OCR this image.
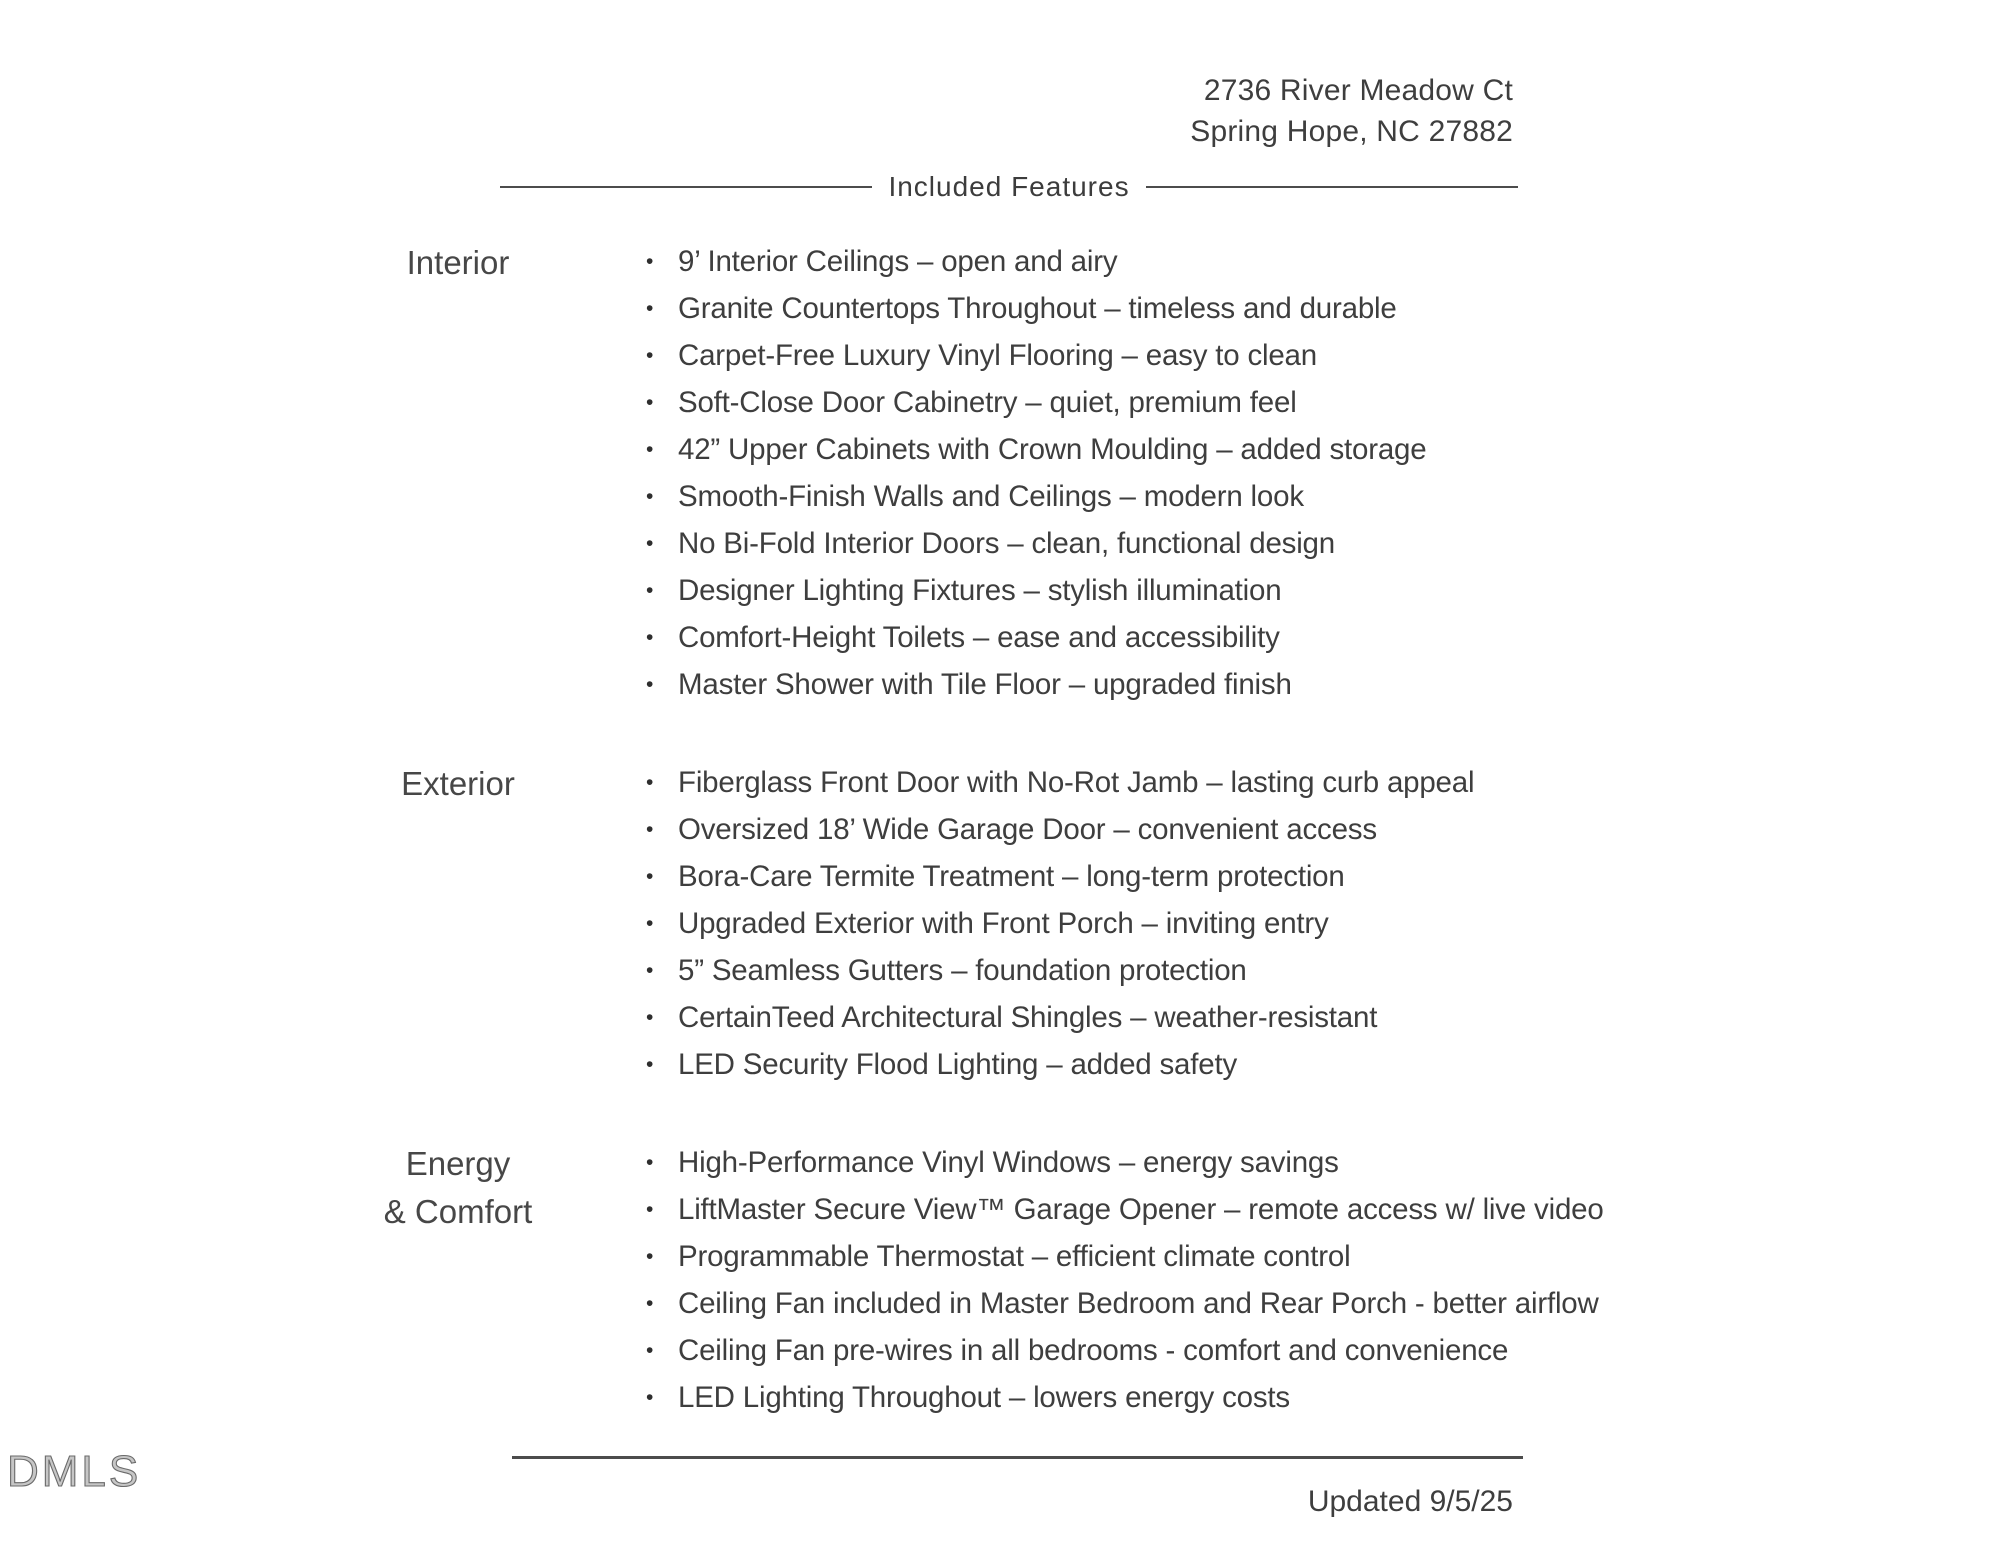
2736 River Meadow Ct
Spring Hope, NC 27882
Included Features
Interior	• 9’ Interior Ceilings – open and airy
• Granite Countertops Throughout – timeless and durable
• Carpet-Free Luxury Vinyl Flooring – easy to clean
• Soft-Close Door Cabinetry – quiet, premium feel
• 42” Upper Cabinets with Crown Moulding – added storage
• Smooth-Finish Walls and Ceilings – modern look
• No Bi-Fold Interior Doors – clean, functional design
• Designer Lighting Fixtures – stylish illumination
• Comfort-Height Toilets – ease and accessibility
• Master Shower with Tile Floor – upgraded finish
Exterior	• Fiberglass Front Door with No-Rot Jamb – lasting curb appeal
• Oversized 18’ Wide Garage Door – convenient access
• Bora-Care Termite Treatment – long-term protection
• Upgraded Exterior with Front Porch – inviting entry
• 5” Seamless Gutters – foundation protection
• CertainTeed Architectural Shingles – weather-resistant
• LED Security Flood Lighting – added safety
Energy
& Comfort
• High-Performance Vinyl Windows – energy savings
• LiftMaster Secure View™ Garage Opener – remote access w/ live video
• Programmable Thermostat – efficient climate control
• Ceiling Fan included in Master Bedroom and Rear Porch - better airflow
• Ceiling Fan pre-wires in all bedrooms - comfort and convenience
• LED Lighting Throughout – lowers energy costs
Updated 9/5/25
DMLS
